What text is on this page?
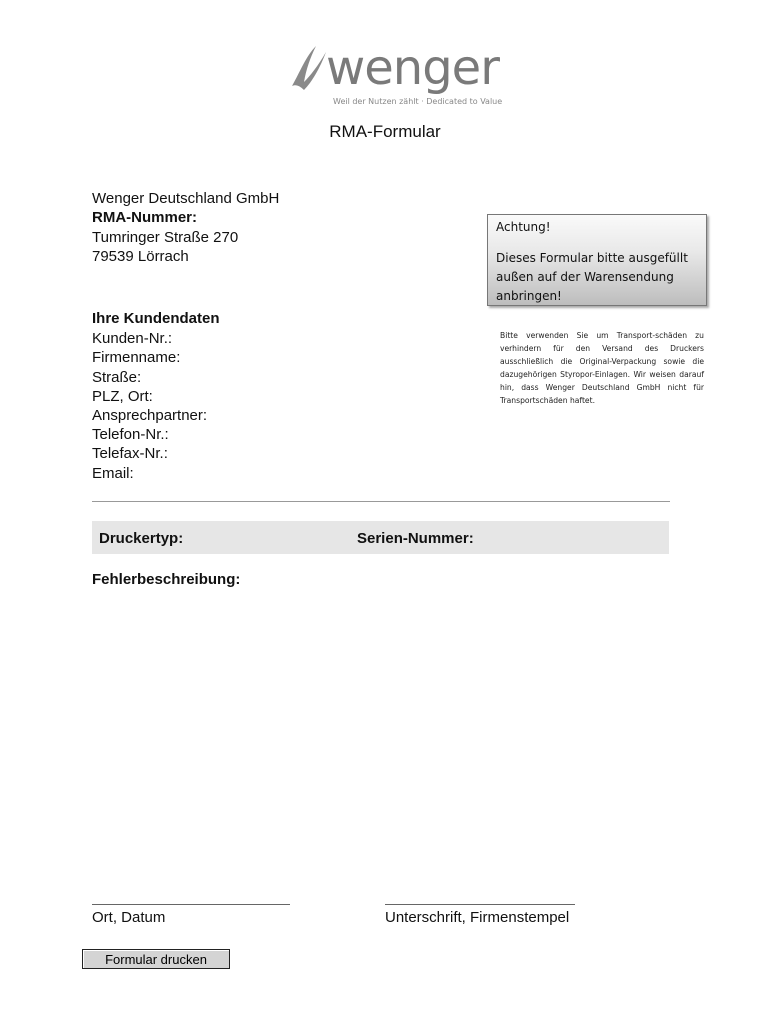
wenger
Weil der Nutzen zählt · Dedicated to Value
RMA-Formular
Wenger Deutschland GmbH
RMA-Nummer:
Tumringer Straße 270
79539 Lörrach

Achtung!

Dieses Formular bitte ausgefüllt außen auf der Warensendung anbringen!

Bitte verwenden Sie um Transport-schäden zu verhindern für den Versand des Druckers ausschließlich die Original-Verpackung sowie die dazugehörigen Styropor-Einlagen. Wir weisen darauf hin, dass Wenger Deutschland GmbH nicht für Transportschäden haftet.
Ihre Kundendaten
Kunden-Nr.:
Firmenname:
Straße:
PLZ, Ort:
Ansprechpartner:
Telefon-Nr.:
Telefax-Nr.:
Email:
Druckertyp:	Serien-Nummer:
Fehlerbeschreibung:
Ort, Datum	Unterschrift, Firmenstempel
Formular drucken
